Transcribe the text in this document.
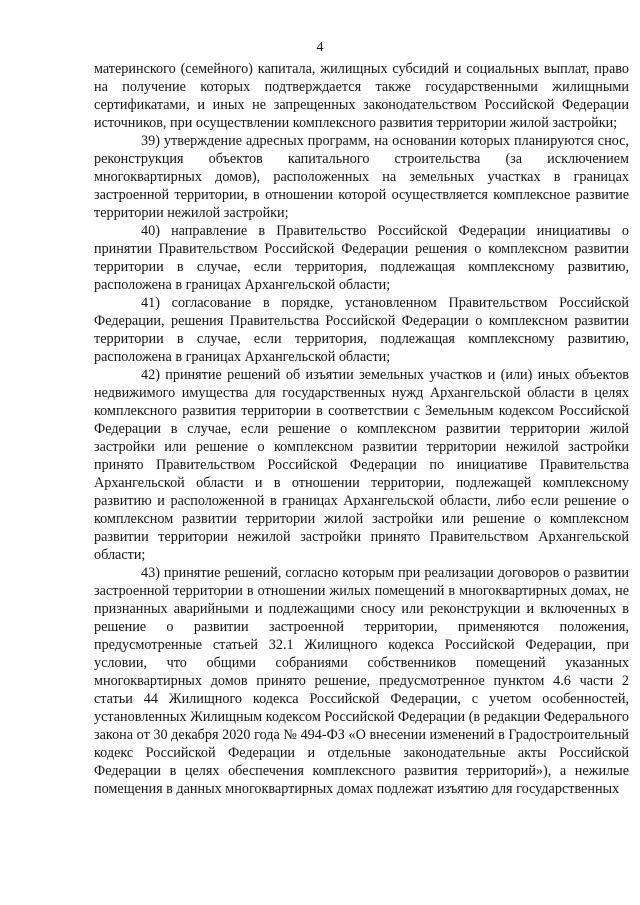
4

материнского (семейного) капитала, жилищных субсидий и социальных выплат, право на получение которых подтверждается также государственными жилищными сертификатами, и иных не запрещенных законодательством Российской Федерации источников, при осуществлении комплексного развития территории жилой застройки;

39) утверждение адресных программ, на основании которых планируются снос, реконструкция объектов капитального строительства (за исключением многоквартирных домов), расположенных на земельных участках в границах застроенной территории, в отношении которой осуществляется комплексное развитие территории нежилой застройки;

40) направление в Правительство Российской Федерации инициативы о принятии Правительством Российской Федерации решения о комплексном развитии территории в случае, если территория, подлежащая комплексному развитию, расположена в границах Архангельской области;

41) согласование в порядке, установленном Правительством Российской Федерации, решения Правительства Российской Федерации о комплексном развитии территории в случае, если территория, подлежащая комплексному развитию, расположена в границах Архангельской области;

42) принятие решений об изъятии земельных участков и (или) иных объектов недвижимого имущества для государственных нужд Архангельской области в целях комплексного развития территории в соответствии с Земельным кодексом Российской Федерации в случае, если решение о комплексном развитии территории жилой застройки или решение о комплексном развитии территории нежилой застройки принято Правительством Российской Федерации по инициативе Правительства Архангельской области и в отношении территории, подлежащей комплексному развитию и расположенной в границах Архангельской области, либо если решение о комплексном развитии территории жилой застройки или решение о комплексном развитии территории нежилой застройки принято Правительством Архангельской области;

43) принятие решений, согласно которым при реализации договоров о развитии застроенной территории в отношении жилых помещений в многоквартирных домах, не признанных аварийными и подлежащими сносу или реконструкции и включенных в решение о развитии застроенной территории, применяются положения, предусмотренные статьей 32.1 Жилищного кодекса Российской Федерации, при условии, что общими собраниями собственников помещений указанных многоквартирных домов принято решение, предусмотренное пунктом 4.6 части 2 статьи 44 Жилищного кодекса Российской Федерации, с учетом особенностей, установленных Жилищным кодексом Российской Федерации (в редакции Федерального закона от 30 декабря 2020 года № 494-ФЗ «О внесении изменений в Градостроительный кодекс Российской Федерации и отдельные законодательные акты Российской Федерации в целях обеспечения комплексного развития территорий»), а нежилые помещения в данных многоквартирных домах подлежат изъятию для государственных
